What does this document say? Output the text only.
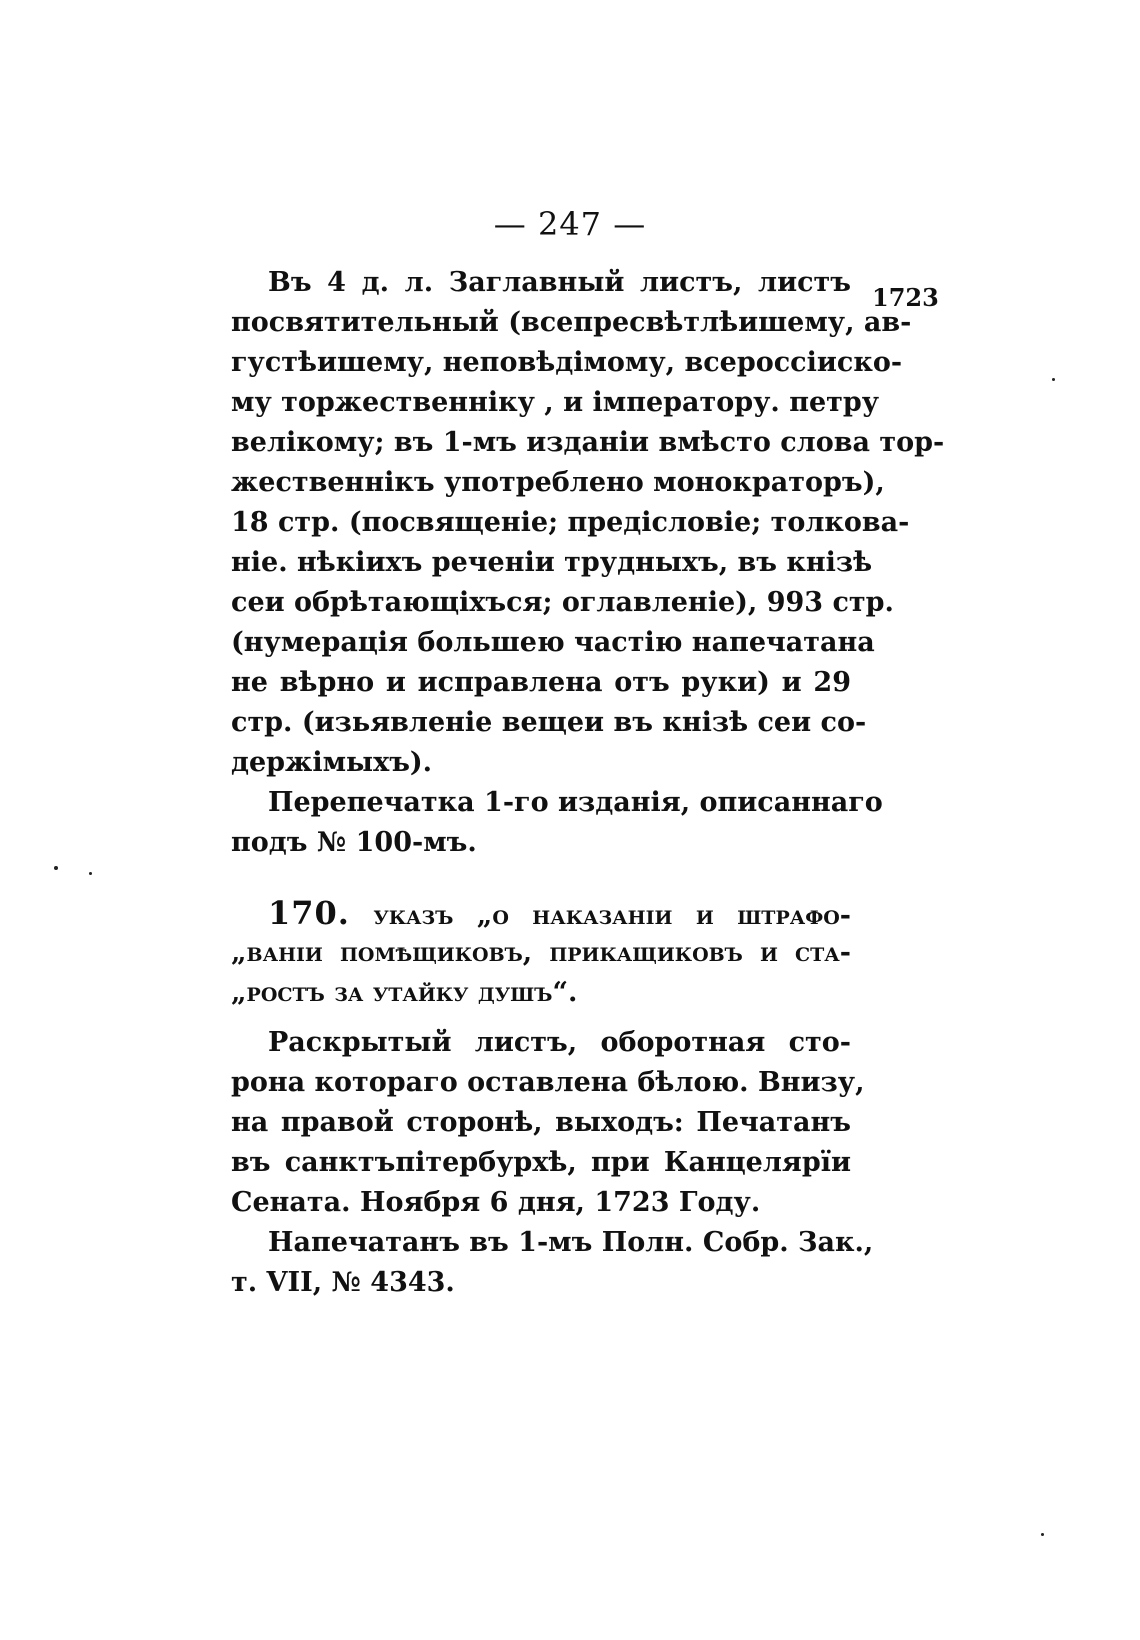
— 247 —
1723
Въ 4 д. л. Заглавный листъ, листъ
посвятительный (всепресвѣтлѣишему, ав-
густѣишему, неповѣдімому, всероссіиско-
му торжественніку , и імператору. петру
велікому; въ 1-мъ изданіи вмѣсто слова тор-
жественнікъ употреблено монократоръ),
18 стр. (посвященіе; предісловіе; толкова-
ніе. нѣкіихъ реченіи трудныхъ, въ кнізѣ
сеи обрѣтающіхъся; оглавленіе), 993 стр.
(нумерація большею частію напечатана
не вѣрно и исправлена отъ руки) и 29
стр. (изьявленіе вещеи въ кнізѣ сеи со-
держімыхъ).
Перепечатка 1-го изданія, описаннаго
подъ № 100-мъ.
170. указъ „о наказаніи и штрафо-
„ваніи помѣщиковъ, прикащиковъ и ста-
„ростъ за утайку душъ“.
Раскрытый листъ, оборотная сто-
рона котораго оставлена бѣлою. Внизу,
на правой сторонѣ, выходъ: Печатанъ
въ санктъпітербурхѣ, при Канцелярїи
Сената. Ноября 6 дня, 1723 Году.
Напечатанъ въ 1-мъ Полн. Собр. Зак.,
т. VII, № 4343.
